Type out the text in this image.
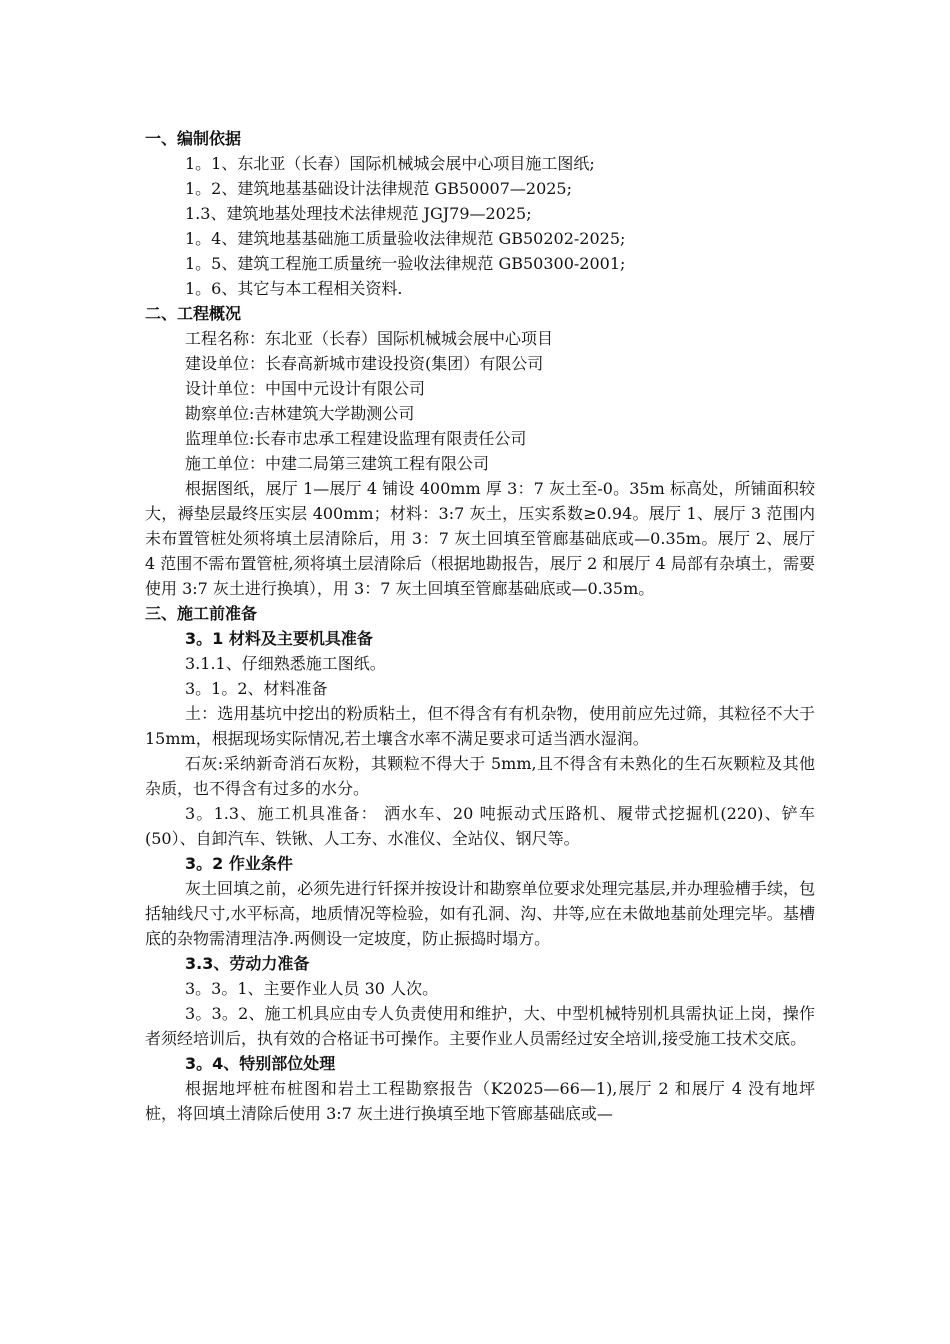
一、编制依据
1。1、东北亚（长春）国际机械城会展中心项目施工图纸;
1。2、建筑地基基础设计法律规范 GB50007—2025;
1.3、建筑地基处理技术法律规范 JGJ79—2025;
1。4、建筑地基基础施工质量验收法律规范 GB50202-2025;
1。5、建筑工程施工质量统一验收法律规范 GB50300-2001;
1。6、其它与本工程相关资料.
二、工程概况
工程名称：东北亚（长春）国际机械城会展中心项目
建设单位：长春高新城市建设投资(集团）有限公司
设计单位：中国中元设计有限公司
勘察单位:吉林建筑大学勘测公司
监理单位:长春市忠承工程建设监理有限责任公司
施工单位：中建二局第三建筑工程有限公司

根据图纸，展厅 1—展厅 4 铺设 400mm 厚 3：7 灰土至-0。35m 标高处，所铺面积较大，褥垫层最终压实层 400mm；材料：3:7 灰土，压实系数≥0.94。展厅 1、展厅 3 范围内未布置管桩处须将填土层清除后，用 3：7 灰土回填至管廊基础底或—0.35m。展厅 2、展厅 4 范围不需布置管桩,须将填土层清除后（根据地勘报告，展厅 2 和展厅 4 局部有杂填土，需要使用 3:7 灰土进行换填），用 3：7 灰土回填至管廊基础底或—0.35m。

三、施工前准备
3。1 材料及主要机具准备
3.1.1、仔细熟悉施工图纸。
3。1。2、材料准备

土：选用基坑中挖出的粉质粘土，但不得含有有机杂物，使用前应先过筛，其粒径不大于 15mm，根据现场实际情况,若土壤含水率不满足要求可适当洒水湿润。

石灰:采纳新奇消石灰粉，其颗粒不得大于 5mm,且不得含有未熟化的生石灰颗粒及其他杂质，也不得含有过多的水分。

3。1.3、施工机具准备： 洒水车、20 吨振动式压路机、履带式挖掘机(220)、铲车(50）、自卸汽车、铁锹、人工夯、水准仪、全站仪、钢尺等。

3。2 作业条件

灰土回填之前，必须先进行钎探并按设计和勘察单位要求处理完基层,并办理验槽手续，包括轴线尺寸,水平标高，地质情况等检验，如有孔洞、沟、井等,应在未做地基前处理完毕。基槽底的杂物需清理洁净.两侧设一定坡度，防止振捣时塌方。

3.3、劳动力准备
3。3。1、主要作业人员 30 人次。

3。3。2、施工机具应由专人负责使用和维护，大、中型机械特别机具需执证上岗，操作者须经培训后，执有效的合格证书可操作。主要作业人员需经过安全培训,接受施工技术交底。

3。4、特别部位处理

根据地坪桩布桩图和岩土工程勘察报告（K2025—66—1),展厅 2 和展厅 4 没有地坪桩，将回填土清除后使用 3:7 灰土进行换填至地下管廊基础底或—
